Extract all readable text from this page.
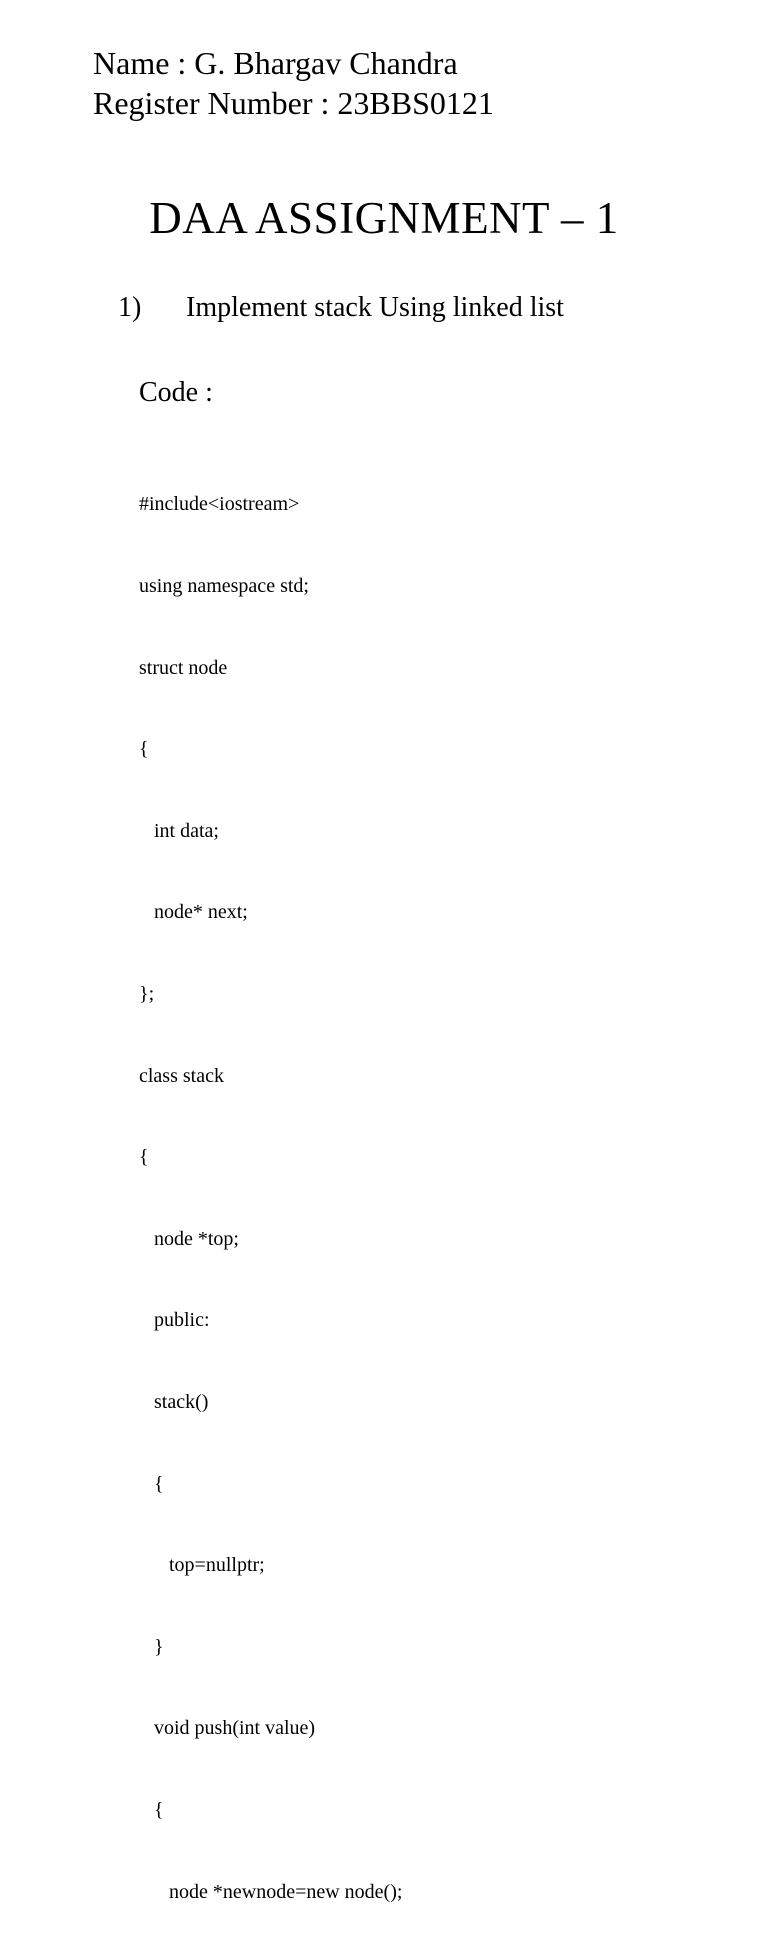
Name : G. Bhargav Chandra
Register Number : 23BBS0121
DAA ASSIGNMENT – 1
1) Implement stack Using linked list
Code :

#include<iostream>

using namespace std;

struct node

{

int data;

node* next;

};

class stack

{

node *top;

public:

stack()

{

top=nullptr;

}

void push(int value)

{

node *newnode=new node();
